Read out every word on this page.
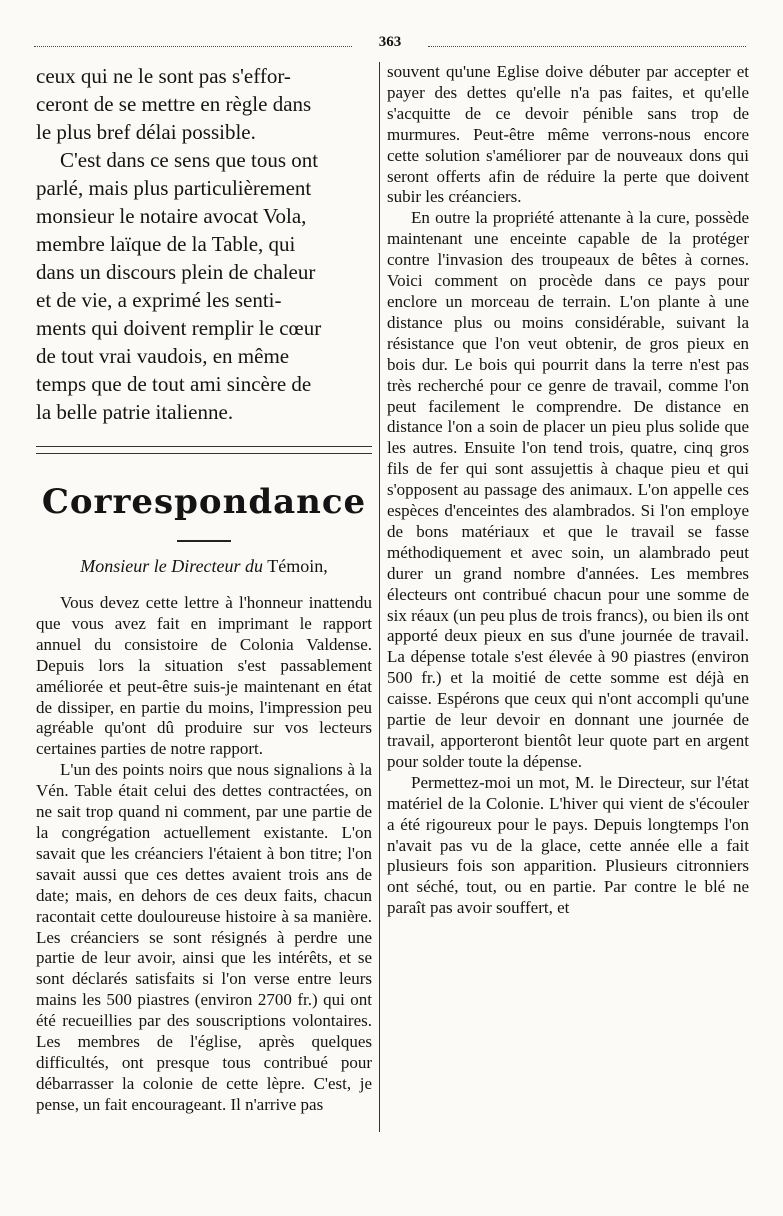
363

ceux qui ne le sont pas s'effor-
ceront de se mettre en règle dans
le plus bref délai possible.

C'est dans ce sens que tous ont
parlé, mais plus particulièrement
monsieur le notaire avocat Vola,
membre laïque de la Table, qui
dans un discours plein de chaleur
et de vie, a exprimé les senti-
ments qui doivent remplir le cœur
de tout vrai vaudois, en même
temps que de tout ami sincère de
la belle patrie italienne.

Correspondance
Monsieur le Directeur du Témoin,

Vous devez cette lettre à l'honneur inattendu que vous avez fait en imprimant le rapport annuel du consistoire de Colonia Valdense. Depuis lors la situation s'est passablement améliorée et peut-être suis-je maintenant en état de dissiper, en partie du moins, l'impression peu agréable qu'ont dû produire sur vos lecteurs certaines parties de notre rapport.

L'un des points noirs que nous signalions à la Vén. Table était celui des dettes contractées, on ne sait trop quand ni comment, par une partie de la congrégation actuellement existante. L'on savait que les créanciers l'étaient à bon titre; l'on savait aussi que ces dettes avaient trois ans de date; mais, en dehors de ces deux faits, chacun racontait cette douloureuse histoire à sa manière. Les créanciers se sont résignés à perdre une partie de leur avoir, ainsi que les intérêts, et se sont déclarés satisfaits si l'on verse entre leurs mains les 500 piastres (environ 2700 fr.) qui ont été recueillies par des souscriptions volontaires. Les membres de l'église, après quelques difficultés, ont presque tous contribué pour débarrasser la colonie de cette lèpre. C'est, je pense, un fait encourageant. Il n'arrive pas

souvent qu'une Eglise doive débuter par accepter et payer des dettes qu'elle n'a pas faites, et qu'elle s'acquitte de ce devoir pénible sans trop de murmures. Peut-être même verrons-nous encore cette solution s'améliorer par de nouveaux dons qui seront offerts afin de réduire la perte que doivent subir les créanciers.

En outre la propriété attenante à la cure, possède maintenant une enceinte capable de la protéger contre l'invasion des troupeaux de bêtes à cornes. Voici comment on procède dans ce pays pour enclore un morceau de terrain. L'on plante à une distance plus ou moins considérable, suivant la résistance que l'on veut obtenir, de gros pieux en bois dur. Le bois qui pourrit dans la terre n'est pas très recherché pour ce genre de travail, comme l'on peut facilement le comprendre. De distance en distance l'on a soin de placer un pieu plus solide que les autres. Ensuite l'on tend trois, quatre, cinq gros fils de fer qui sont assujettis à chaque pieu et qui s'opposent au passage des animaux. L'on appelle ces espèces d'enceintes des alambrados. Si l'on employe de bons matériaux et que le travail se fasse méthodiquement et avec soin, un alambrado peut durer un grand nombre d'années. Les membres électeurs ont contribué chacun pour une somme de six réaux (un peu plus de trois francs), ou bien ils ont apporté deux pieux en sus d'une journée de travail. La dépense totale s'est élevée à 90 piastres (environ 500 fr.) et la moitié de cette somme est déjà en caisse. Espérons que ceux qui n'ont accompli qu'une partie de leur devoir en donnant une journée de travail, apporteront bientôt leur quote part en argent pour solder toute la dépense.

Permettez-moi un mot, M. le Directeur, sur l'état matériel de la Colonie. L'hiver qui vient de s'écouler a été rigoureux pour le pays. Depuis longtemps l'on n'avait pas vu de la glace, cette année elle a fait plusieurs fois son apparition. Plusieurs citronniers ont séché, tout, ou en partie. Par contre le blé ne paraît pas avoir souffert, et
